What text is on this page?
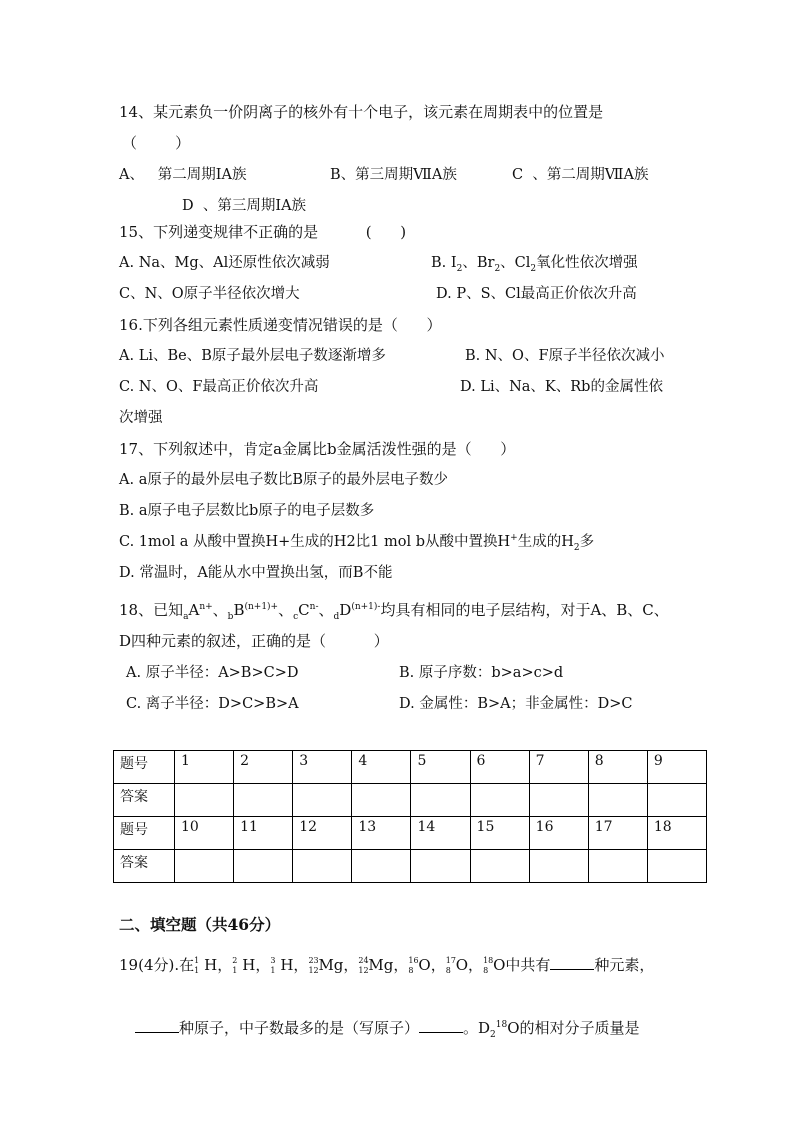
14、某元素负一价阴离子的核外有十个电子，该元素在周期表中的位置是
（        ）
A、   第二周期ⅠA族	B、第三周期ⅦA族	C  、第二周期ⅦA族
D  、第三周期ⅠA族
15、下列递变规律不正确的是          (      )
A. Na、Mg、Al还原性依次减弱	B. $I_2$、$Br_2$、$Cl_2$氧化性依次增强
C、N、O原子半径依次增大	D. P、S、Cl最高正价依次升高
16.下列各组元素性质递变情况错误的是（      ）
A. Li、Be、B原子最外层电子数逐渐增多	B. N、O、F原子半径依次减小
C. N、O、F最高正价依次升高	D. Li、Na、K、Rb的金属性依
次增强
17、下列叙述中，肯定a金属比b金属活泼性强的是（      ）
A. a原子的最外层电子数比B原子的最外层电子数少
B. a原子电子层数比b原子的电子层数多
C. 1mol a 从酸中置换H+生成的H2比1 mol b从酸中置换H+生成的$H_2$多
D. 常温时，A能从水中置换出氢，而B不能
18、已知$_aA^{n+}$、$_bB^{(n+1)+}$、$_cC^{n-}$、$_dD^{(n+1)-}$均具有相同的电子层结构，对于A、B、C、
D四种元素的叙述，正确的是（          ）
A. 原子半径：A>B>C>D	B. 原子序数：b>a>c>d
C. 离子半径：D>C>B>A	D. 金属性：B>A；非金属性：D>C
题号	1	2	3	4	5	6	7	8	9
答案									
题号	10	11	12	13	14	15	16	17	18
答案									
二、填空题（共46分）
19(4分).在 1
1 H， 2
1 H， 3
1 H， 23
12 Mg， 24
12 Mg， 16
8 O， 17
8 O， 18
8 O中共有	种元素，
种原子，中子数最多的是（写原子）	。$D_2^{18}O$的相对分子质量是
